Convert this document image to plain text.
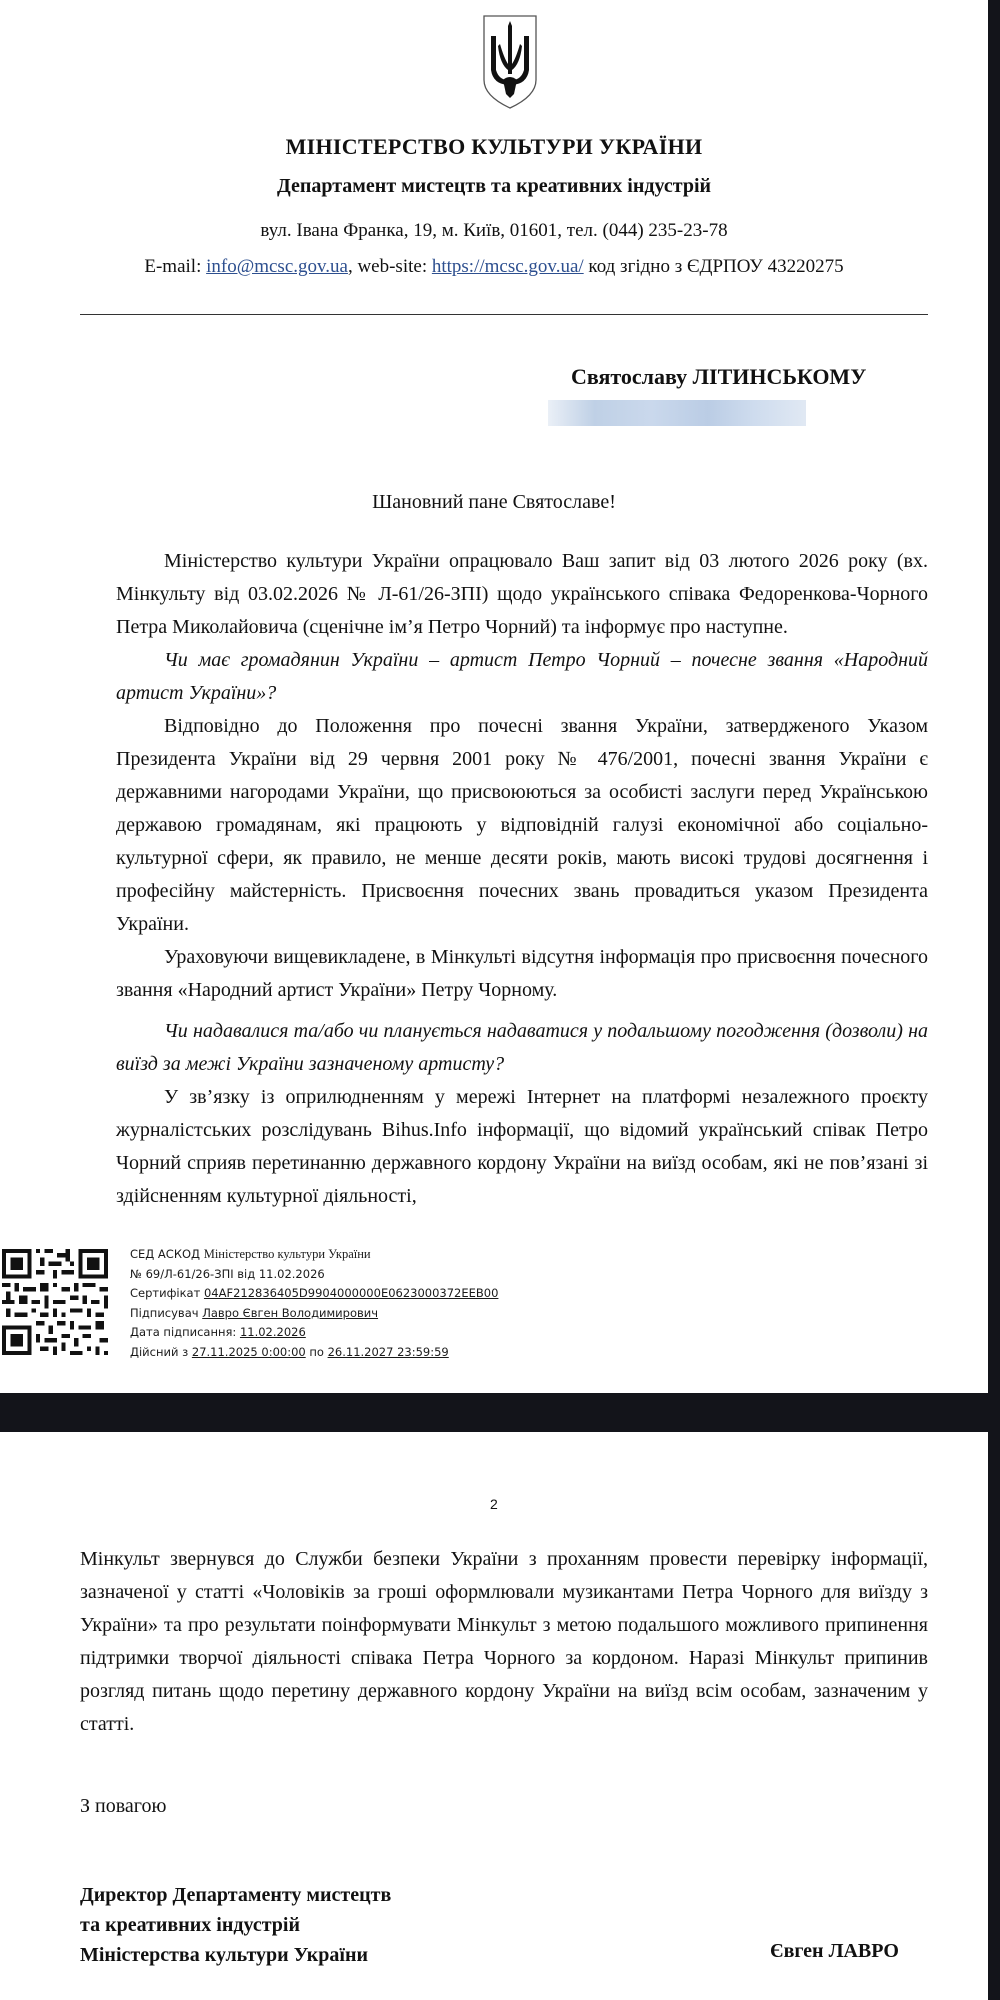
МІНІСТЕРСТВО КУЛЬТУРИ УКРАЇНИ
Департамент мистецтв та креативних індустрій
вул. Івана Франка, 19, м. Київ, 01601, тел. (044) 235-23-78
E-mail: info@mcsc.gov.ua, web-site: https://mcsc.gov.ua/ код згідно з ЄДРПОУ 43220275
Святославу ЛІТИНСЬКОМУ
Шановний пане Святославе!

Міністерство культури України опрацювало Ваш запит від 03 лютого 2026 року (вх. Мінкульту від 03.02.2026 № Л-61/26-ЗПІ) щодо українського співака Федоренкова-Чорного Петра Миколайовича (сценічне ім’я Петро Чорний) та інформує про наступне.

Чи має громадянин України – артист Петро Чорний – почесне звання «Народний артист України»?

Відповідно до Положення про почесні звання України, затвердженого Указом Президента України від 29 червня 2001 року № 476/2001, почесні звання України є державними нагородами України, що присвоюються за особисті заслуги перед Українською державою громадянам, які працюють у відповідній галузі економічної або соціально-культурної сфери, як правило, не менше десяти років, мають високі трудові досягнення і професійну майстерність. Присвоєння почесних звань провадиться указом Президента України.

Ураховуючи вищевикладене, в Мінкульті відсутня інформація про присвоєння почесного звання «Народний артист України» Петру Чорному.

Чи надавалися та/або чи планується надаватися у подальшому погодження (дозволи) на виїзд за межі України зазначеному артисту?

У зв’язку із оприлюдненням у мережі Інтернет на платформі незалежного проєкту журналістських розслідувань Bihus.Info інформації, що відомий український співак Петро Чорний сприяв перетинанню державного кордону України на виїзд особам, які не пов’язані зі здійсненням культурної діяльності,

СЕД АСКОД Міністерство культури України
№ 69/Л-61/26-ЗПІ від 11.02.2026
Сертифікат 04AF212836405D9904000000E0623000372EEB00
Підписувач Лавро Євген Володимирович
Дата підписання: 11.02.2026
Дійсний з 27.11.2025 0:00:00 по 26.11.2027 23:59:59
2

Мінкульт звернувся до Служби безпеки України з проханням провести перевірку інформації, зазначеної у статті «Чоловіків за гроші оформлювали музикантами Петра Чорного для виїзду з України» та про результати поінформувати Мінкульт з метою подальшого можливого припинення підтримки творчої діяльності співака Петра Чорного за кордоном. Наразі Мінкульт припинив розгляд питань щодо перетину державного кордону України на виїзд всім особам, зазначеним у статті.

З повагою
Директор Департаменту мистецтв
та креативних індустрій
Міністерства культури України	Євген ЛАВРО
